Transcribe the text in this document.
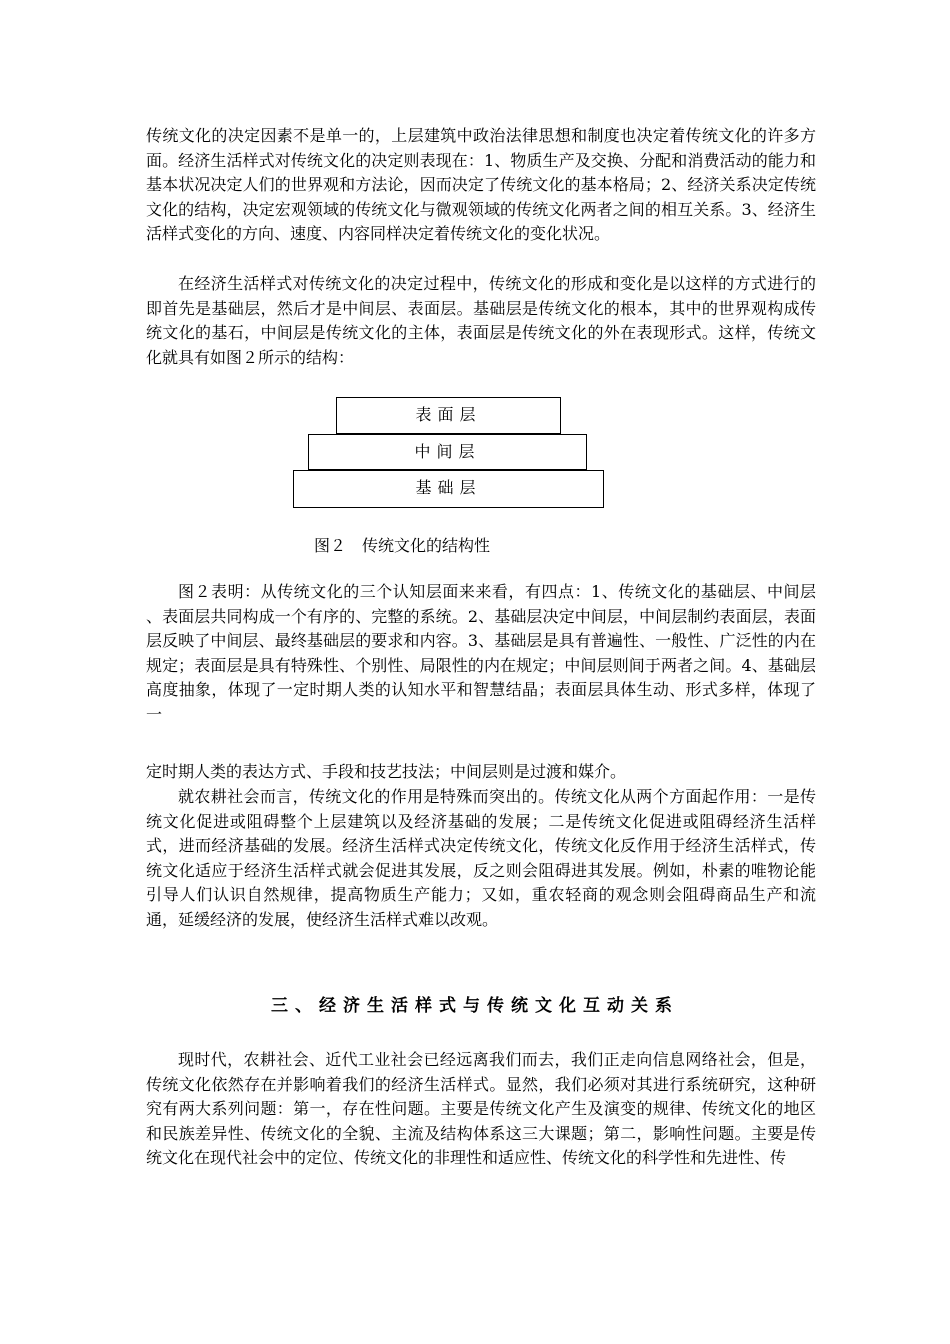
传统文化的决定因素不是单一的，上层建筑中政治法律思想和制度也决定着传统文化的许多方面。经济生活样式对传统文化的决定则表现在：1、物质生产及交换、分配和消费活动的能力和基本状况决定人们的世界观和方法论，因而决定了传统文化的基本格局；2、经济关系决定传统文化的结构，决定宏观领域的传统文化与微观领域的传统文化两者之间的相互关系。3、经济生活样式变化的方向、速度、内容同样决定着传统文化的变化状况。

在经济生活样式对传统文化的决定过程中，传统文化的形成和变化是以这样的方式进行的即首先是基础层，然后才是中间层、表面层。基础层是传统文化的根本，其中的世界观构成传统文化的基石，中间层是传统文化的主体，表面层是传统文化的外在表现形式。这样，传统文化就具有如图２所示的结构：

表面层
中间层
基础层
图２　传统文化的结构性

图２表明：从传统文化的三个认知层面来来看，有四点：1、传统文化的基础层、中间层 、表面层共同构成一个有序的、完整的系统。2、基础层决定中间层，中间层制约表面层，表面层反映了中间层、最终基础层的要求和内容。3、基础层是具有普遍性、一般性、广泛性的内在规定；表面层是具有特殊性、个别性、局限性的内在规定；中间层则间于两者之间。4、基础层高度抽象，体现了一定时期人类的认知水平和智慧结晶；表面层具体生动、形式多样，体现了一

定时期人类的表达方式、手段和技艺技法；中间层则是过渡和媒介。

就农耕社会而言，传统文化的作用是特殊而突出的。传统文化从两个方面起作用：一是传统文化促进或阻碍整个上层建筑以及经济基础的发展；二是传统文化促进或阻碍经济生活样式，进而经济基础的发展。经济生活样式决定传统文化，传统文化反作用于经济生活样式，传统文化适应于经济生活样式就会促进其发展，反之则会阻碍进其发展。例如，朴素的唯物论能引导人们认识自然规律，提高物质生产能力；又如，重农轻商的观念则会阻碍商品生产和流通，延缓经济的发展，使经济生活样式难以改观。

三、经济生活样式与传统文化互动关系

现时代，农耕社会、近代工业社会已经远离我们而去，我们正走向信息网络社会，但是，传统文化依然存在并影响着我们的经济生活样式。显然，我们必须对其进行系统研究，这种研究有两大系列问题：第一，存在性问题。主要是传统文化产生及演变的规律、传统文化的地区和民族差异性、传统文化的全貌、主流及结构体系这三大课题；第二，影响性问题。主要是传统文化在现代社会中的定位、传统文化的非理性和适应性、传统文化的科学性和先进性、传
